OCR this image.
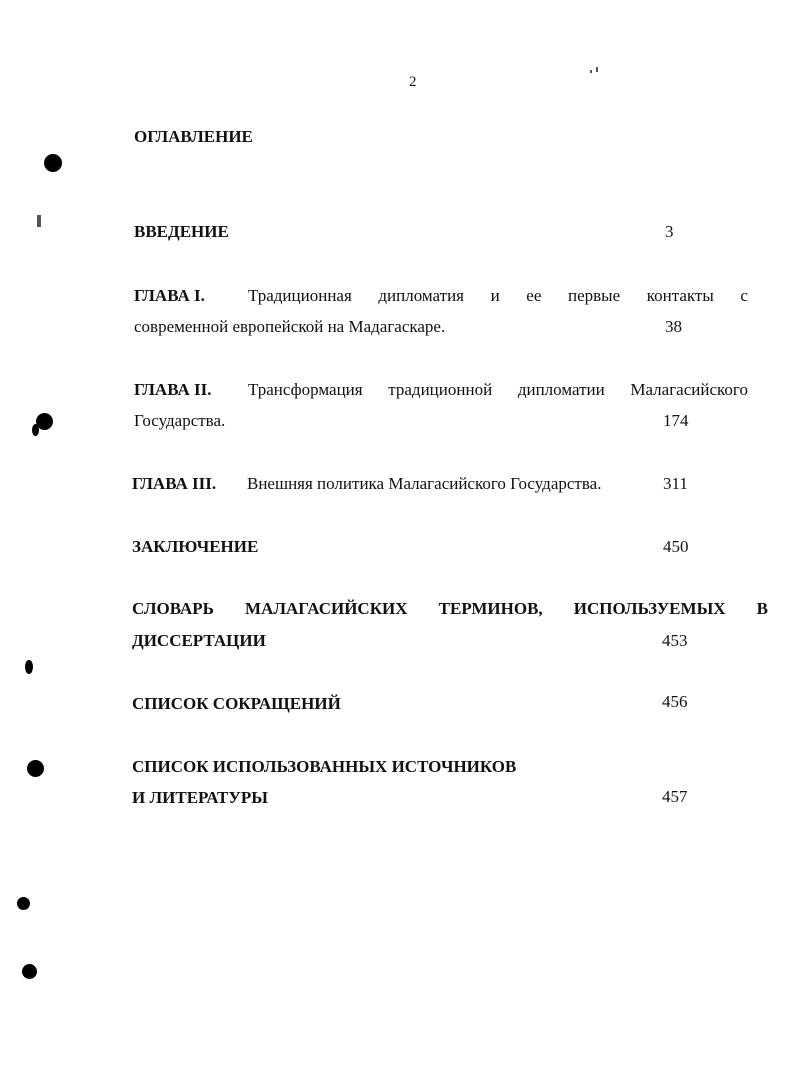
2
ОГЛАВЛЕНИЕ
ВВЕДЕНИЕ	3
ГЛАВА I.	Традиционная дипломатия и ее первые контакты с
современной европейской на Мадагаскаре.	38
ГЛАВА II. Трансформация традиционной дипломатии Малагасийского
Государства.	174
ГЛАВА III. Внешняя политика Малагасийского Государства.	311
ЗАКЛЮЧЕНИЕ	450
СЛОВАРЬ МАЛАГАСИЙСКИХ ТЕРМИНОВ, ИСПОЛЬЗУЕМЫХ В
ДИССЕРТАЦИИ	453
СПИСОК СОКРАЩЕНИЙ	456
СПИСОК ИСПОЛЬЗОВАННЫХ ИСТОЧНИКОВ
И ЛИТЕРАТУРЫ	457
